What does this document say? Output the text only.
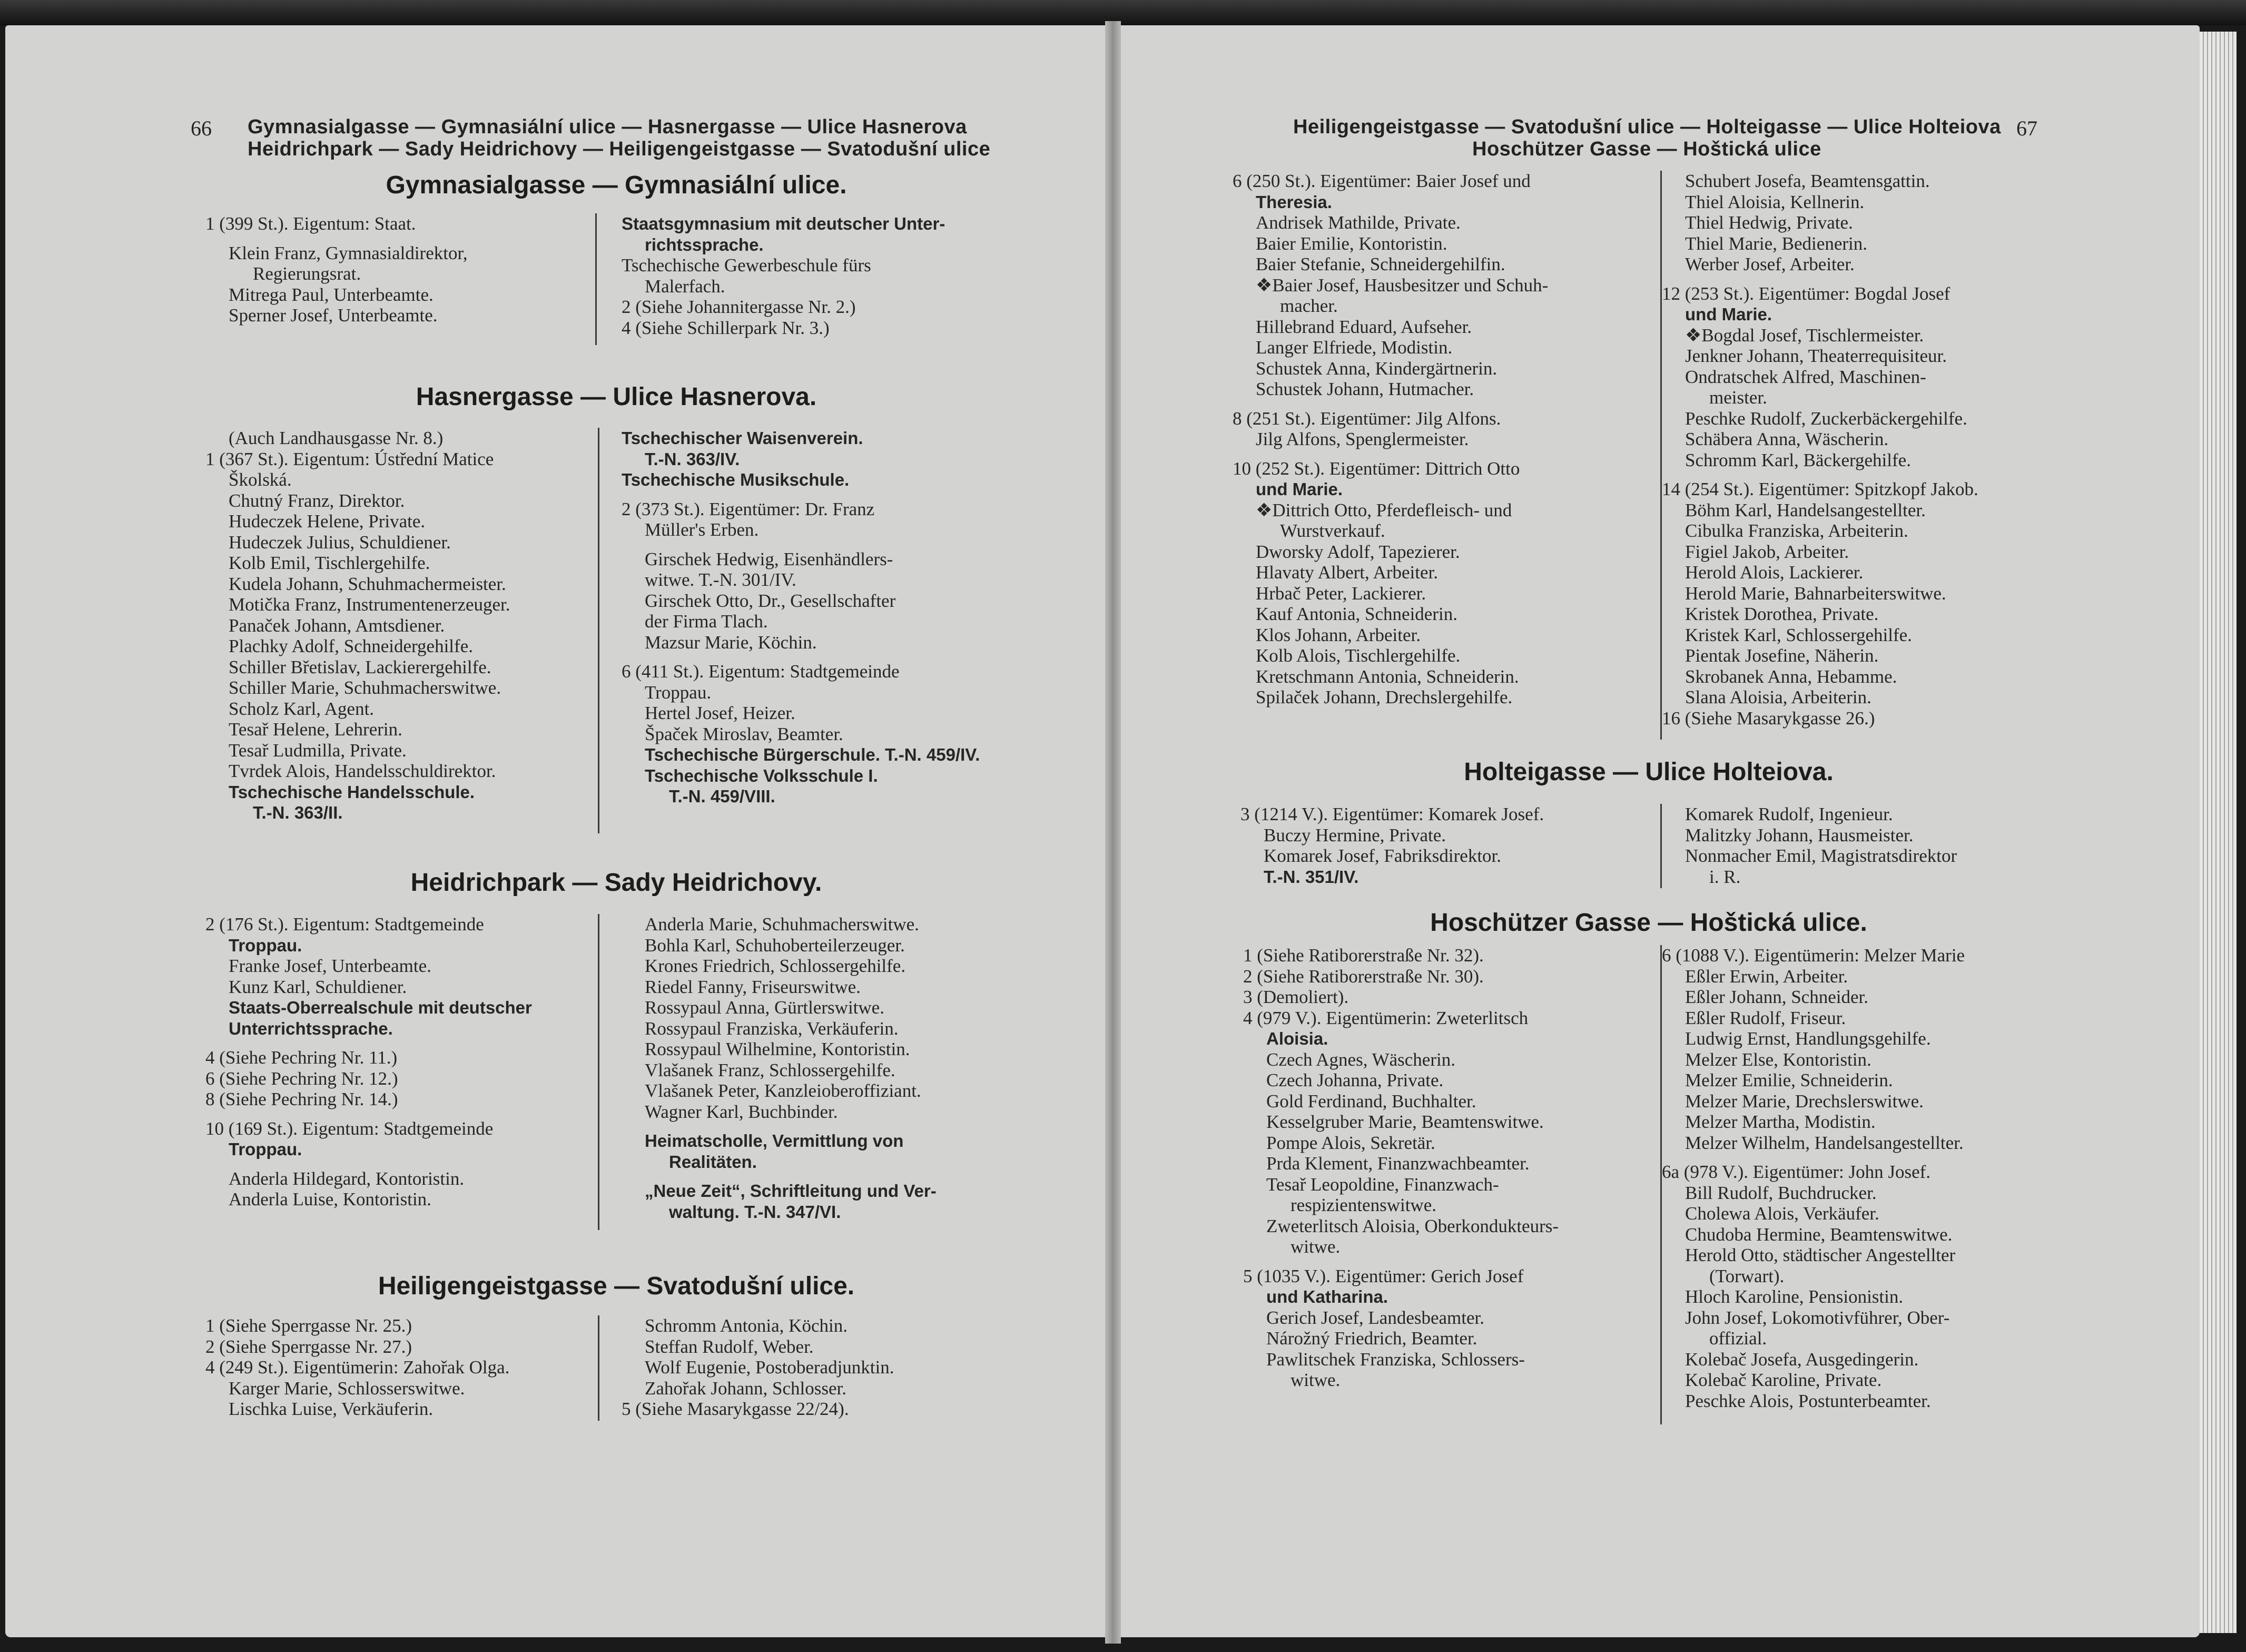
66 Gymnasialgasse — Gymnasiální ulice — Hasnergasse — Ulice Hasnerova
Heidrichpark — Sady Heidrichovy — Heiligengeistgasse — Svatodušní ulice
Gymnasialgasse — Gymnasiální ulice.

1 (399 St.). Eigentum: Staat.

Klein Franz, Gymnasialdirektor,

Regierungsrat.

Mitrega Paul, Unterbeamte.

Sperner Josef, Unterbeamte.

Staatsgymnasium mit deutscher Unter-

richtssprache.

Tschechische Gewerbeschule fürs

Malerfach.

2 (Siehe Johannitergasse Nr. 2.)

4 (Siehe Schillerpark Nr. 3.)

Hasnergasse — Ulice Hasnerova.

(Auch Landhausgasse Nr. 8.)

1 (367 St.). Eigentum: Ústřední Matice

Školská.

Chutný Franz, Direktor.

Hudeczek Helene, Private.

Hudeczek Julius, Schuldiener.

Kolb Emil, Tischlergehilfe.

Kudela Johann, Schuhmachermeister.

Motička Franz, Instrumentenerzeuger.

Panaček Johann, Amtsdiener.

Plachky Adolf, Schneidergehilfe.

Schiller Břetislav, Lackierergehilfe.

Schiller Marie, Schuhmacherswitwe.

Scholz Karl, Agent.

Tesař Helene, Lehrerin.

Tesař Ludmilla, Private.

Tvrdek Alois, Handelsschuldirektor.

Tschechische Handelsschule.

T.-N. 363/II.

Tschechischer Waisenverein.

T.-N. 363/IV.

Tschechische Musikschule.

2 (373 St.). Eigentümer: Dr. Franz

Müller's Erben.

Girschek Hedwig, Eisenhändlers-

witwe. T.-N. 301/IV.

Girschek Otto, Dr., Gesellschafter

der Firma Tlach.

Mazsur Marie, Köchin.

6 (411 St.). Eigentum: Stadtgemeinde

Troppau.

Hertel Josef, Heizer.

Špaček Miroslav, Beamter.

Tschechische Bürgerschule. T.-N. 459/IV.

Tschechische Volksschule I.

T.-N. 459/VIII.

Heidrichpark — Sady Heidrichovy.

2 (176 St.). Eigentum: Stadtgemeinde

Troppau.

Franke Josef, Unterbeamte.

Kunz Karl, Schuldiener.

Staats-Oberrealschule mit deutscher

Unterrichtssprache.

4 (Siehe Pechring Nr. 11.)

6 (Siehe Pechring Nr. 12.)

8 (Siehe Pechring Nr. 14.)

10 (169 St.). Eigentum: Stadtgemeinde

Troppau.

Anderla Hildegard, Kontoristin.

Anderla Luise, Kontoristin.

Anderla Marie, Schuhmacherswitwe.

Bohla Karl, Schuhoberteilerzeuger.

Krones Friedrich, Schlossergehilfe.

Riedel Fanny, Friseurswitwe.

Rossypaul Anna, Gürtlerswitwe.

Rossypaul Franziska, Verkäuferin.

Rossypaul Wilhelmine, Kontoristin.

Vlašanek Franz, Schlossergehilfe.

Vlašanek Peter, Kanzleioberoffiziant.

Wagner Karl, Buchbinder.

Heimatscholle, Vermittlung von

Realitäten.

„Neue Zeit“, Schriftleitung und Ver-

waltung. T.-N. 347/VI.

Heiligengeistgasse — Svatodušní ulice.

1 (Siehe Sperrgasse Nr. 25.)

2 (Siehe Sperrgasse Nr. 27.)

4 (249 St.). Eigentümerin: Zahořak Olga.

Karger Marie, Schlosserswitwe.

Lischka Luise, Verkäuferin.

Schromm Antonia, Köchin.

Steffan Rudolf, Weber.

Wolf Eugenie, Postoberadjunktin.

Zahořak Johann, Schlosser.

5 (Siehe Masarykgasse 22/24).

Heiligengeistgasse — Svatodušní ulice — Holteigasse — Ulice Holteiova
Hoschützer Gasse — Hoštická ulice
67

6 (250 St.). Eigentümer: Baier Josef und

Theresia.

Andrisek Mathilde, Private.

Baier Emilie, Kontoristin.

Baier Stefanie, Schneidergehilfin.

❖Baier Josef, Hausbesitzer und Schuh-

macher.

Hillebrand Eduard, Aufseher.

Langer Elfriede, Modistin.

Schustek Anna, Kindergärtnerin.

Schustek Johann, Hutmacher.

8 (251 St.). Eigentümer: Jilg Alfons.

Jilg Alfons, Spenglermeister.

10 (252 St.). Eigentümer: Dittrich Otto

und Marie.

❖Dittrich Otto, Pferdefleisch- und

Wurstverkauf.

Dworsky Adolf, Tapezierer.

Hlavaty Albert, Arbeiter.

Hrbač Peter, Lackierer.

Kauf Antonia, Schneiderin.

Klos Johann, Arbeiter.

Kolb Alois, Tischlergehilfe.

Kretschmann Antonia, Schneiderin.

Spilaček Johann, Drechslergehilfe.

Schubert Josefa, Beamtensgattin.

Thiel Aloisia, Kellnerin.

Thiel Hedwig, Private.

Thiel Marie, Bedienerin.

Werber Josef, Arbeiter.

12 (253 St.). Eigentümer: Bogdal Josef

und Marie.

❖Bogdal Josef, Tischlermeister.

Jenkner Johann, Theaterrequisiteur.

Ondratschek Alfred, Maschinen-

meister.

Peschke Rudolf, Zuckerbäckergehilfe.

Schäbera Anna, Wäscherin.

Schromm Karl, Bäckergehilfe.

14 (254 St.). Eigentümer: Spitzkopf Jakob.

Böhm Karl, Handelsangestellter.

Cibulka Franziska, Arbeiterin.

Figiel Jakob, Arbeiter.

Herold Alois, Lackierer.

Herold Marie, Bahnarbeiterswitwe.

Kristek Dorothea, Private.

Kristek Karl, Schlossergehilfe.

Pientak Josefine, Näherin.

Skrobanek Anna, Hebamme.

Slana Aloisia, Arbeiterin.

16 (Siehe Masarykgasse 26.)

Holteigasse — Ulice Holteiova.

3 (1214 V.). Eigentümer: Komarek Josef.

Buczy Hermine, Private.

Komarek Josef, Fabriksdirektor.

T.-N. 351/IV.

Komarek Rudolf, Ingenieur.

Malitzky Johann, Hausmeister.

Nonmacher Emil, Magistratsdirektor

i. R.

Hoschützer Gasse — Hoštická ulice.

1 (Siehe Ratiborerstraße Nr. 32).

2 (Siehe Ratiborerstraße Nr. 30).

3 (Demoliert).

4 (979 V.). Eigentümerin: Zweterlitsch

Aloisia.

Czech Agnes, Wäscherin.

Czech Johanna, Private.

Gold Ferdinand, Buchhalter.

Kesselgruber Marie, Beamtenswitwe.

Pompe Alois, Sekretär.

Prda Klement, Finanzwachbeamter.

Tesař Leopoldine, Finanzwach-

respizientenswitwe.

Zweterlitsch Aloisia, Oberkondukteurs-

witwe.

5 (1035 V.). Eigentümer: Gerich Josef

und Katharina.

Gerich Josef, Landesbeamter.

Nárožný Friedrich, Beamter.

Pawlitschek Franziska, Schlossers-

witwe.

6 (1088 V.). Eigentümerin: Melzer Marie

Eßler Erwin, Arbeiter.

Eßler Johann, Schneider.

Eßler Rudolf, Friseur.

Ludwig Ernst, Handlungsgehilfe.

Melzer Else, Kontoristin.

Melzer Emilie, Schneiderin.

Melzer Marie, Drechslerswitwe.

Melzer Martha, Modistin.

Melzer Wilhelm, Handelsangestellter.

6a (978 V.). Eigentümer: John Josef.

Bill Rudolf, Buchdrucker.

Cholewa Alois, Verkäufer.

Chudoba Hermine, Beamtenswitwe.

Herold Otto, städtischer Angestellter

(Torwart).

Hloch Karoline, Pensionistin.

John Josef, Lokomotivführer, Ober-

offizial.

Kolebač Josefa, Ausgedingerin.

Kolebač Karoline, Private.

Peschke Alois, Postunterbeamter.
